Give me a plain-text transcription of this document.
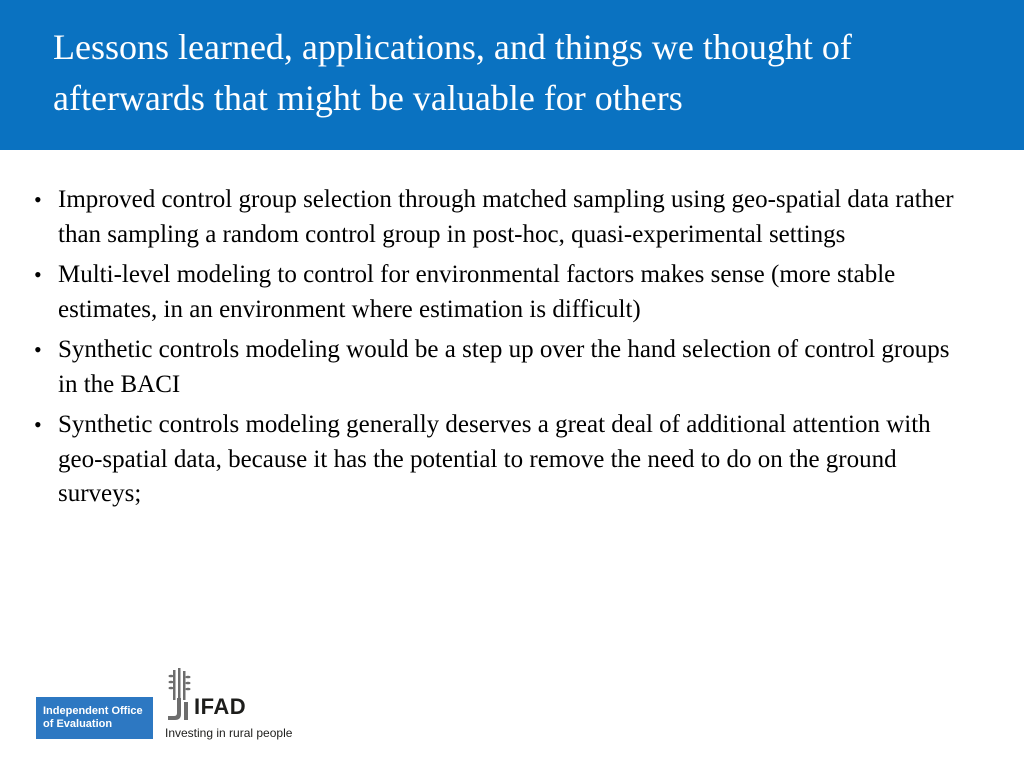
Lessons learned, applications, and things we thought of afterwards that might be valuable for others
• Improved control group selection through matched sampling using geo-spatial data rather than sampling a random control group in post-hoc, quasi-experimental settings
• Multi-level modeling to control for environmental factors makes sense (more stable estimates, in an environment where estimation is difficult)
• Synthetic controls modeling would be a step up over the hand selection of control groups in the BACI
• Synthetic controls modeling generally deserves a great deal of additional attention with geo-spatial data, because it has the potential to remove the need to do on the ground surveys;
Independent Office
of Evaluation
IFAD
Investing in rural people
